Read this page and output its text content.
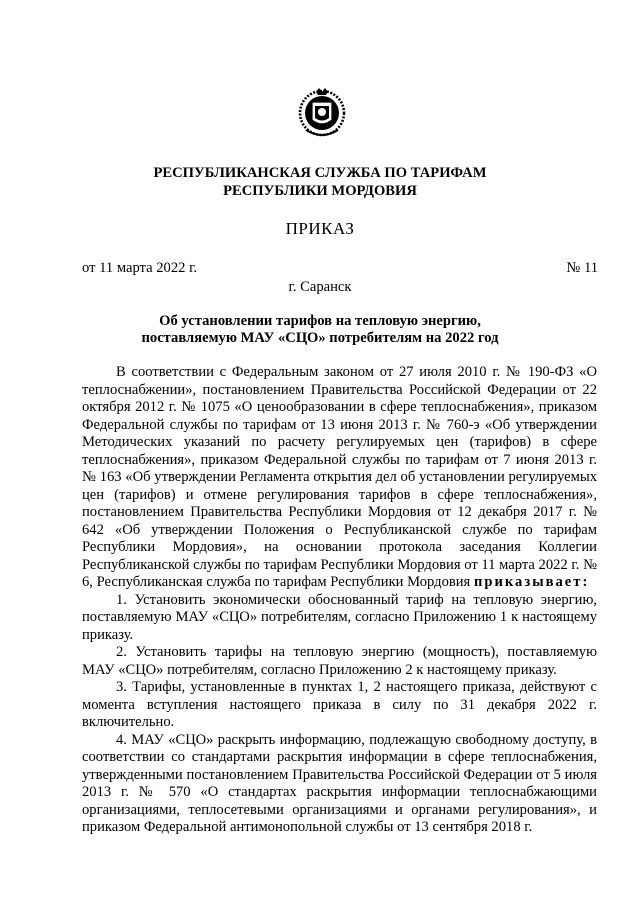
РЕСПУБЛИКАНСКАЯ СЛУЖБА ПО ТАРИФАМ
РЕСПУБЛИКИ МОРДОВИЯ
ПРИКАЗ
от 11 марта 2022 г.	№ 11
г. Саранск
Об установлении тарифов на тепловую энергию,
поставляемую МАУ «СЦО» потребителям на 2022 год

В соответствии с Федеральным законом от 27 июля 2010 г. № 190-ФЗ «О теплоснабжении», постановлением Правительства Российской Федерации от 22 октября 2012 г. № 1075 «О ценообразовании в сфере теплоснабжения», приказом Федеральной службы по тарифам от 13 июня 2013 г. № 760-э «Об утверждении Методических указаний по расчету регулируемых цен (тарифов) в сфере теплоснабжения», приказом Федеральной службы по тарифам от 7 июня 2013 г. № 163 «Об утверждении Регламента открытия дел об установлении регулируемых цен (тарифов) и отмене регулирования тарифов в сфере теплоснабжения», постановлением Правительства Республики Мордовия от 12 декабря 2017 г. № 642 «Об утверждении Положения о Республиканской службе по тарифам Республики Мордовия», на основании протокола заседания Коллегии Республиканской службы по тарифам Республики Мордовия от 11 марта 2022 г. № 6, Республиканская служба по тарифам Республики Мордовия приказывает:

1. Установить экономически обоснованный тариф на тепловую энергию, поставляемую МАУ «СЦО» потребителям, согласно Приложению 1 к настоящему приказу.

2. Установить тарифы на тепловую энергию (мощность), поставляемую МАУ «СЦО» потребителям, согласно Приложению 2 к настоящему приказу.

3. Тарифы, установленные в пунктах 1, 2 настоящего приказа, действуют с момента вступления настоящего приказа в силу по 31 декабря 2022 г. включительно.

4. МАУ «СЦО» раскрыть информацию, подлежащую свободному доступу, в соответствии со стандартами раскрытия информации в сфере теплоснабжения, утвержденными постановлением Правительства Российской Федерации от 5 июля 2013 г. № 570 «О стандартах раскрытия информации теплоснабжающими организациями, теплосетевыми организациями и органами регулирования», и приказом Федеральной антимонопольной службы от 13 сентября 2018 г.
